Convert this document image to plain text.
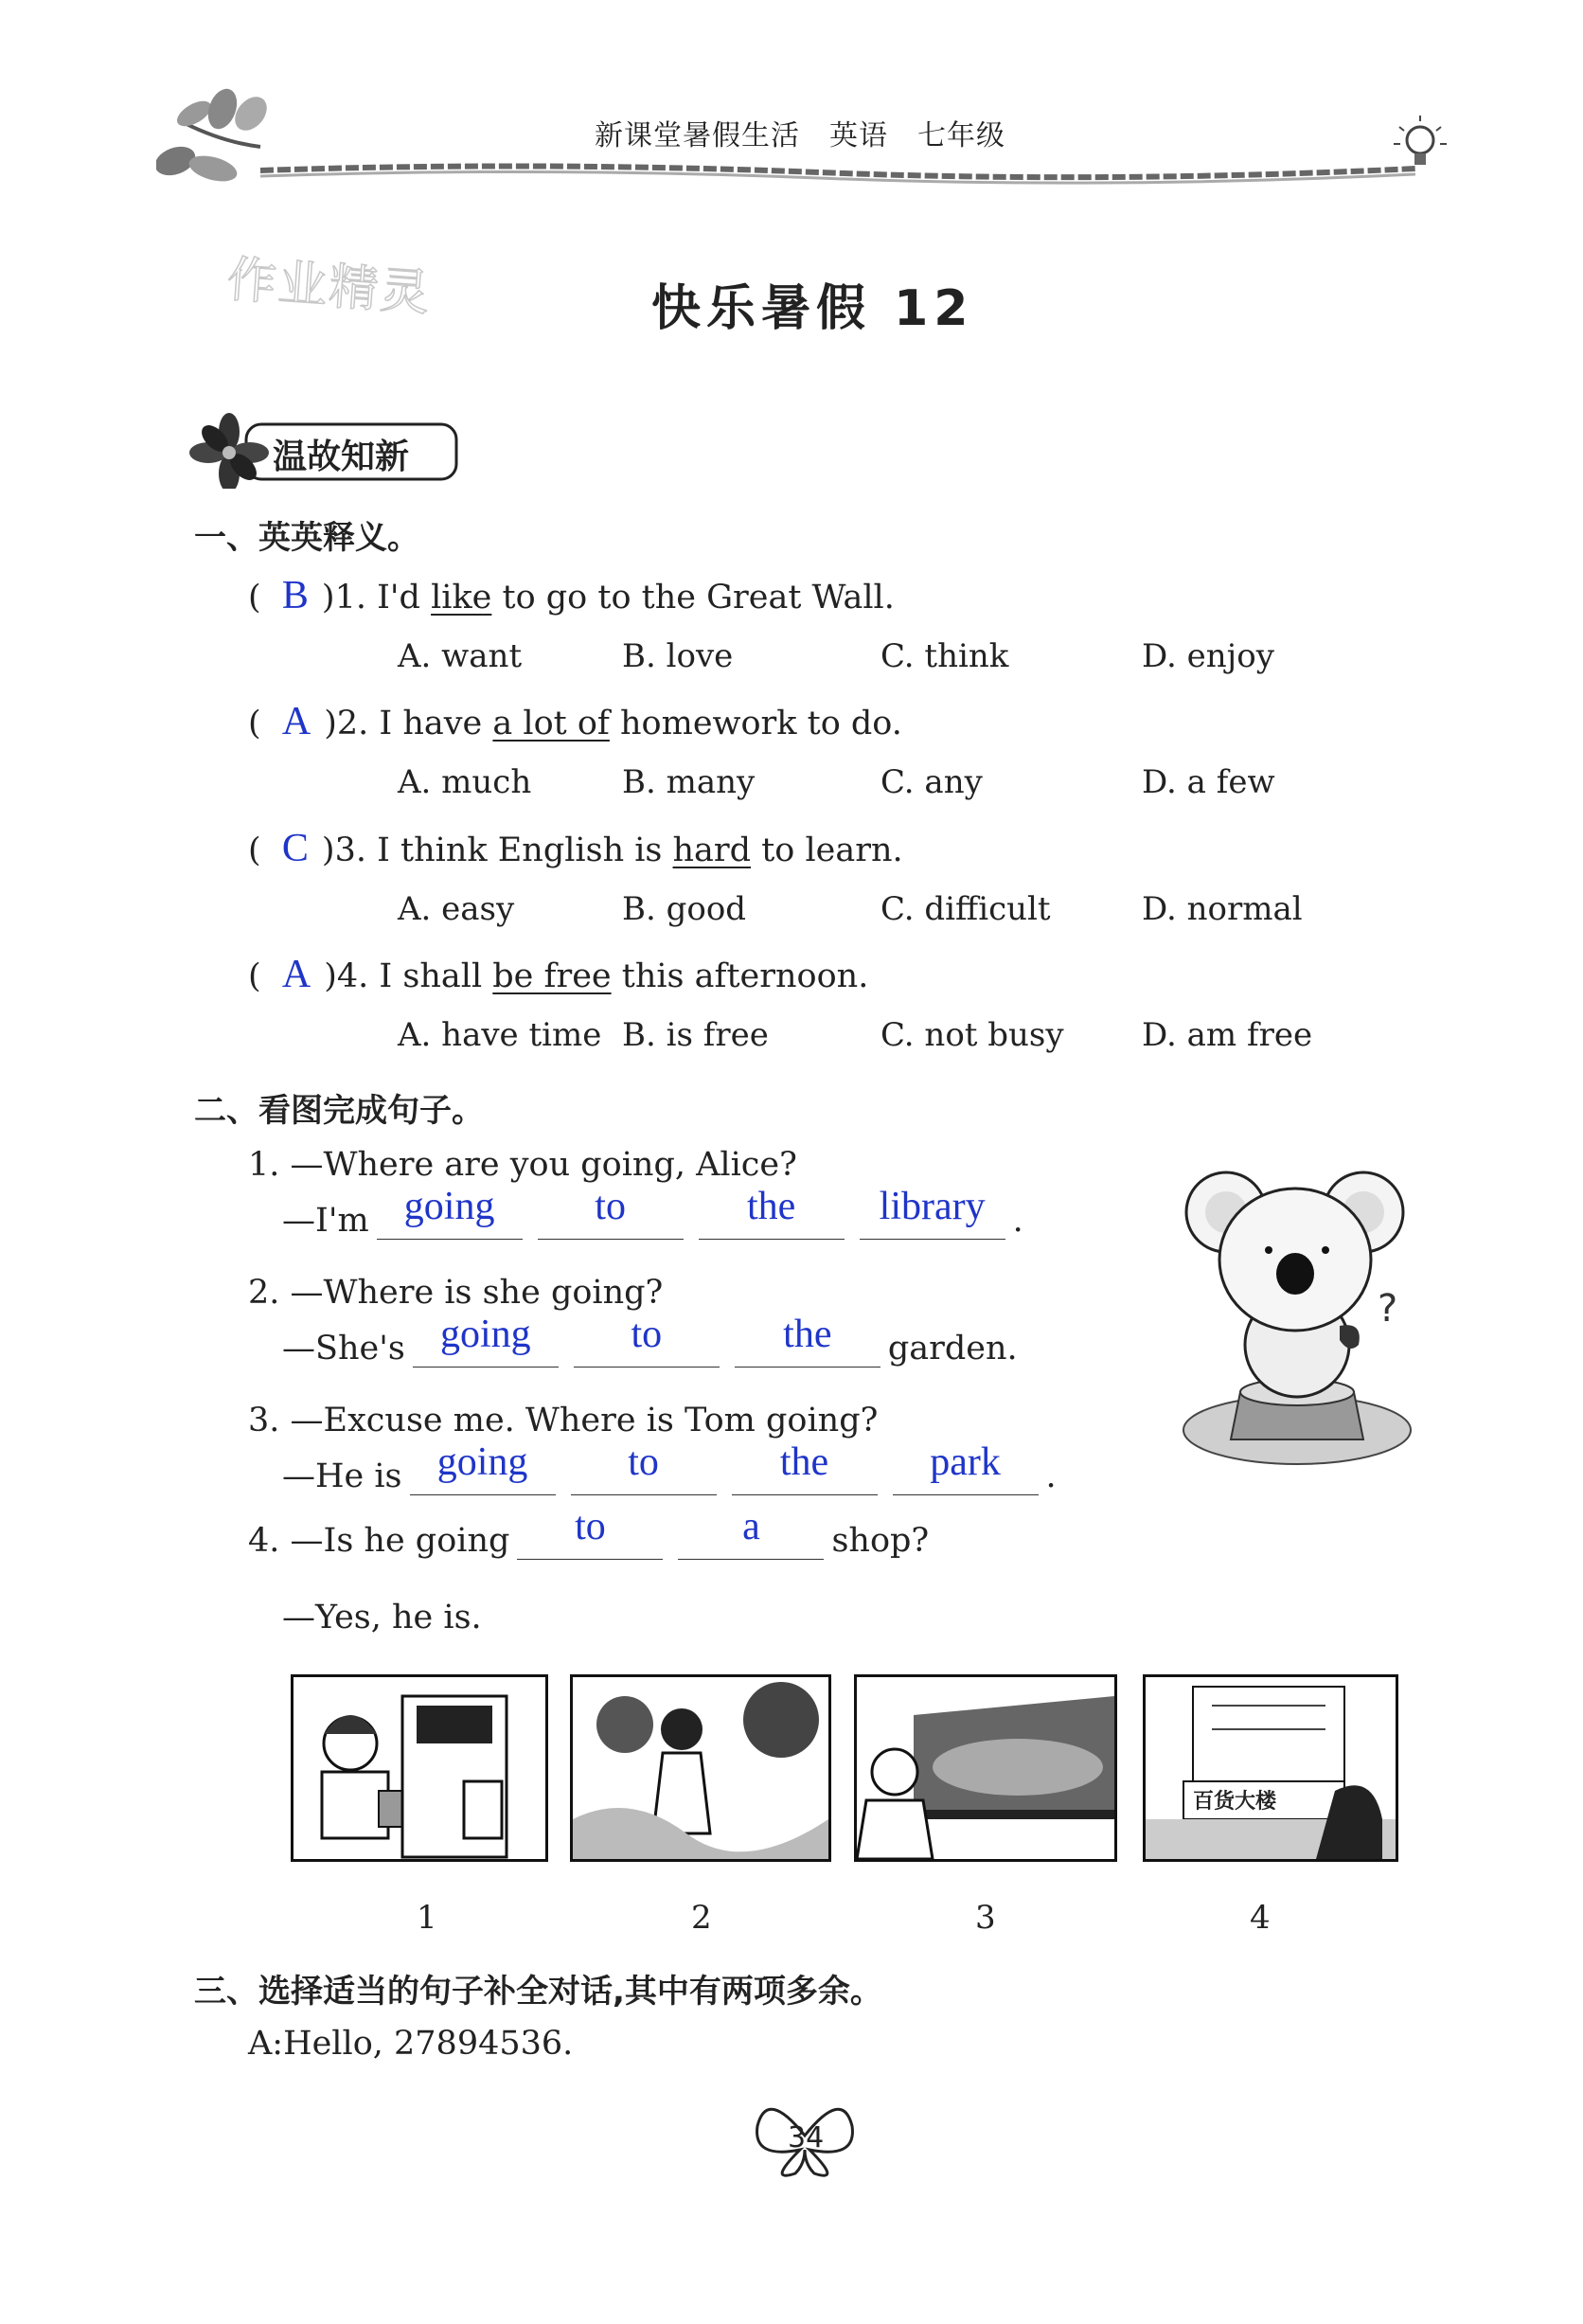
新课堂暑假生活　英语　七年级
作业精灵	快乐暑假 12
温故知新
一、英英释义。
(  B )1. I'd like to go to the Great Wall.
A. want	B. love	C. think	D. enjoy
(  A )2. I have a lot of homework to do.
A. much	B. many	C. any	D. a few
(  C )3. I think English is hard to learn.
A. easy	B. good	C. difficult	D. normal
(  A )4. I shall be free this afternoon.
A. have time B. is free	C. not busy D. am free
二、看图完成句子。
1. —Where are you going, Alice?
—I'm going	to	the library .
2. —Where is she going?
—She's going	to	the garden.
3. —Excuse me. Where is Tom going?
—He is going	to	the	park .
4. —Is he going to	a shop?
—Yes, he is.
?
百货大楼
1	2	3	4
三、选择适当的句子补全对话,其中有两项多余。
A:Hello, 27894536.
34
